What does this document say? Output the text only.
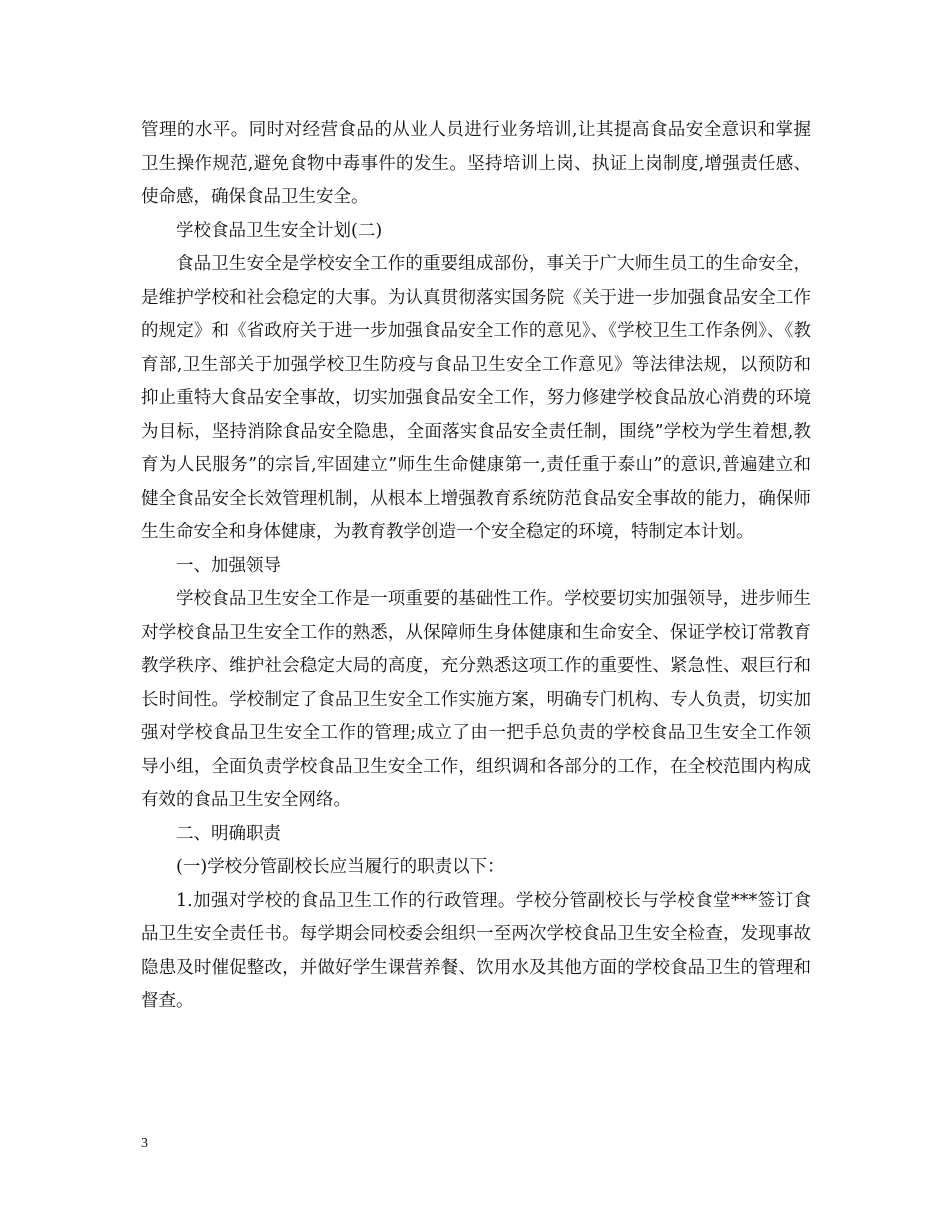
管理的水平。同时对经营食品的从业人员进行业务培训,让其提高食品安全意识和掌握卫生操作规范,避免食物中毒事件的发生。坚持培训上岗、执证上岗制度,增强责任感、使命感，确保食品卫生安全。

学校食品卫生安全计划(二)

食品卫生安全是学校安全工作的重要组成部份，事关于广大师生员工的生命安全，是维护学校和社会稳定的大事。为认真贯彻落实国务院《关于进一步加强食品安全工作的规定》和《省政府关于进一步加强食品安全工作的意见》、《学校卫生工作条例》、《教育部,卫生部关于加强学校卫生防疫与食品卫生安全工作意见》等法律法规，以预防和抑止重特大食品安全事故，切实加强食品安全工作，努力修建学校食品放心消费的环境为目标，坚持消除食品安全隐患，全面落实食品安全责任制，围绕”学校为学生着想,教育为人民服务”的宗旨,牢固建立”师生生命健康第一,责任重于泰山”的意识,普遍建立和健全食品安全长效管理机制，从根本上增强教育系统防范食品安全事故的能力，确保师生生命安全和身体健康，为教育教学创造一个安全稳定的环境，特制定本计划。

一、加强领导

学校食品卫生安全工作是一项重要的基础性工作。学校要切实加强领导，进步师生对学校食品卫生安全工作的熟悉，从保障师生身体健康和生命安全、保证学校订常教育教学秩序、维护社会稳定大局的高度，充分熟悉这项工作的重要性、紧急性、艰巨行和长时间性。学校制定了食品卫生安全工作实施方案，明确专门机构、专人负责，切实加强对学校食品卫生安全工作的管理;成立了由一把手总负责的学校食品卫生安全工作领导小组，全面负责学校食品卫生安全工作，组织调和各部分的工作，在全校范围内构成有效的食品卫生安全网络。

二、明确职责

(一)学校分管副校长应当履行的职责以下：

1.加强对学校的食品卫生工作的行政管理。学校分管副校长与学校食堂***签订食品卫生安全责任书。每学期会同校委会组织一至两次学校食品卫生安全检查，发现事故隐患及时催促整改，并做好学生课营养餐、饮用水及其他方面的学校食品卫生的管理和督查。

3
